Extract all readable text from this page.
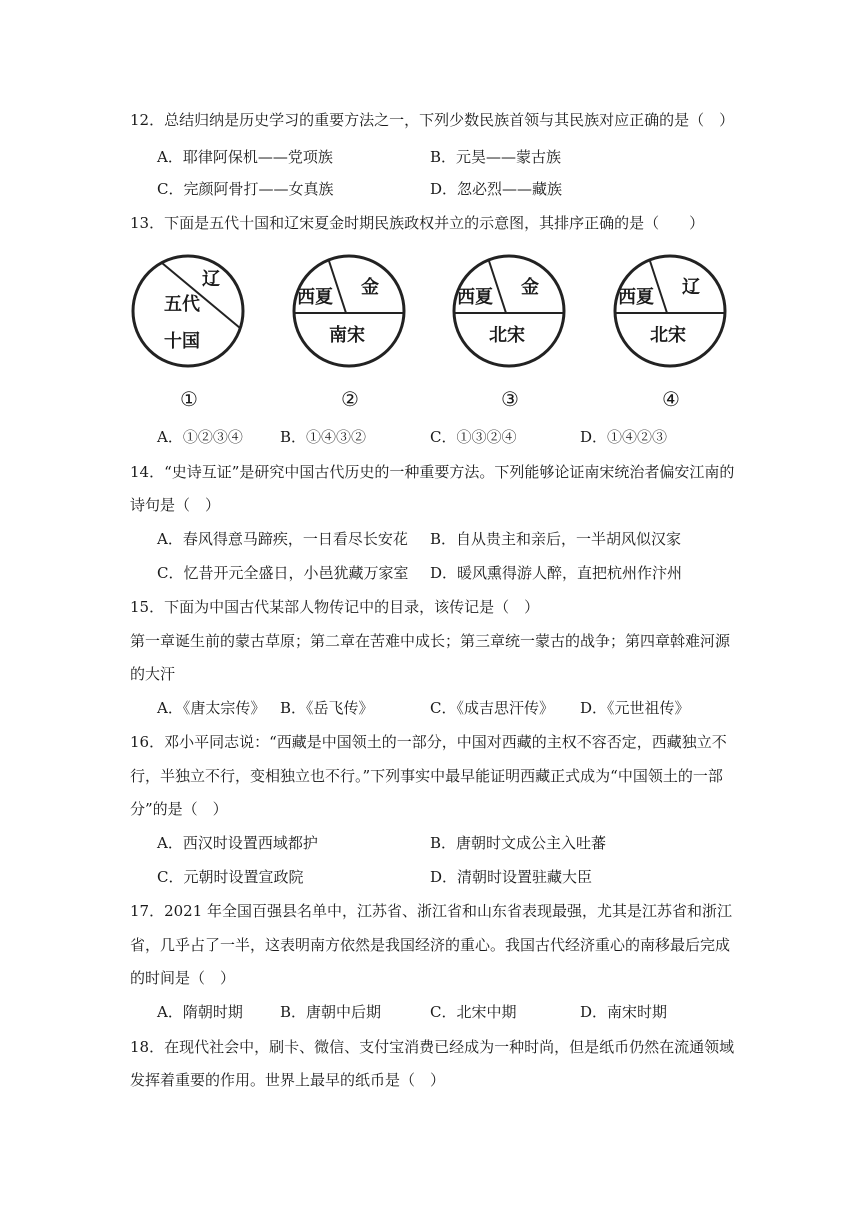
12．总结归纳是历史学习的重要方法之一，下列少数民族首领与其民族对应正确的是（　）
A．耶律阿保机——党项族	B．元昊——蒙古族
C．完颜阿骨打——女真族	D．忽必烈——藏族
13．下面是五代十国和辽宋夏金时期民族政权并立的示意图，其排序正确的是（　　）
辽
五代
十国
①
西夏 金
南宋
②
西夏 金
北宋
③
西夏 辽
北宋
④
A．①②③④ B．①④③②	C．①③②④	D．①④②③
14．“史诗互证”是研究中国古代历史的一种重要方法。下列能够论证南宋统治者偏安江南的
诗句是（　）
A．春风得意马蹄疾，一日看尽长安花 B．自从贵主和亲后，一半胡风似汉家
C．忆昔开元全盛日，小邑犹藏万家室 D．暖风熏得游人醉，直把杭州作汴州
15．下面为中国古代某部人物传记中的目录，该传记是（　）
第一章诞生前的蒙古草原；第二章在苦难中成长；第三章统一蒙古的战争；第四章斡难河源
的大汗
A．《唐太宗传》 B．《岳飞传》	C．《成吉思汗传》 D．《元世祖传》
16．邓小平同志说：“西藏是中国领土的一部分，中国对西藏的主权不容否定，西藏独立不
行，半独立不行，变相独立也不行。”下列事实中最早能证明西藏正式成为“中国领土的一部
分”的是（　）
A．西汉时设置西域都护	B．唐朝时文成公主入吐蕃
C．元朝时设置宣政院	D．清朝时设置驻藏大臣
17．2021 年全国百强县名单中，江苏省、浙江省和山东省表现最强，尤其是江苏省和浙江
省，几乎占了一半，这表明南方依然是我国经济的重心。我国古代经济重心的南移最后完成
的时间是（　）
A．隋朝时期 B．唐朝中后期	C．北宋中期	D．南宋时期
18．在现代社会中，刷卡、微信、支付宝消费已经成为一种时尚，但是纸币仍然在流通领域
发挥着重要的作用。世界上最早的纸币是（　）
